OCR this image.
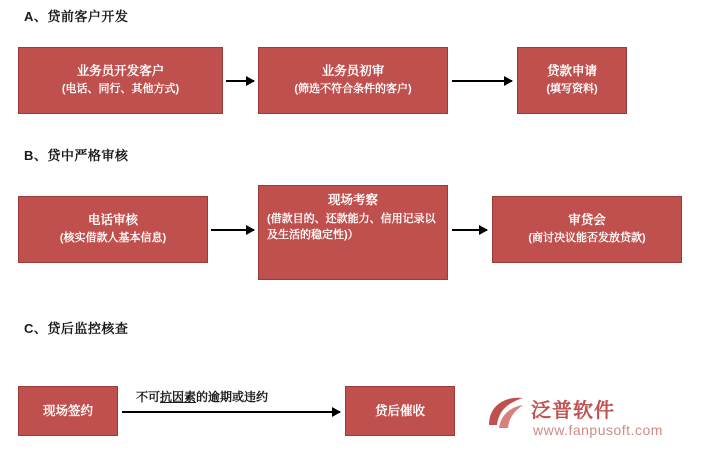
A、贷前客户开发
B、贷中严格审核
C、贷后监控核查
业务员开发客户
(电话、同行、其他方式)
业务员初审
(筛选不符合条件的客户)
贷款申请
(填写资料)
电话审核
(核实借款人基本信息)
现场考察
(借款目的、还款能力、信用记录以及生活的稳定性)）
审贷会
(商讨决议能否发放贷款)
现场签约	贷后催收
不可抗因素的逾期或违约
泛普软件
www.fanpusoft.com
